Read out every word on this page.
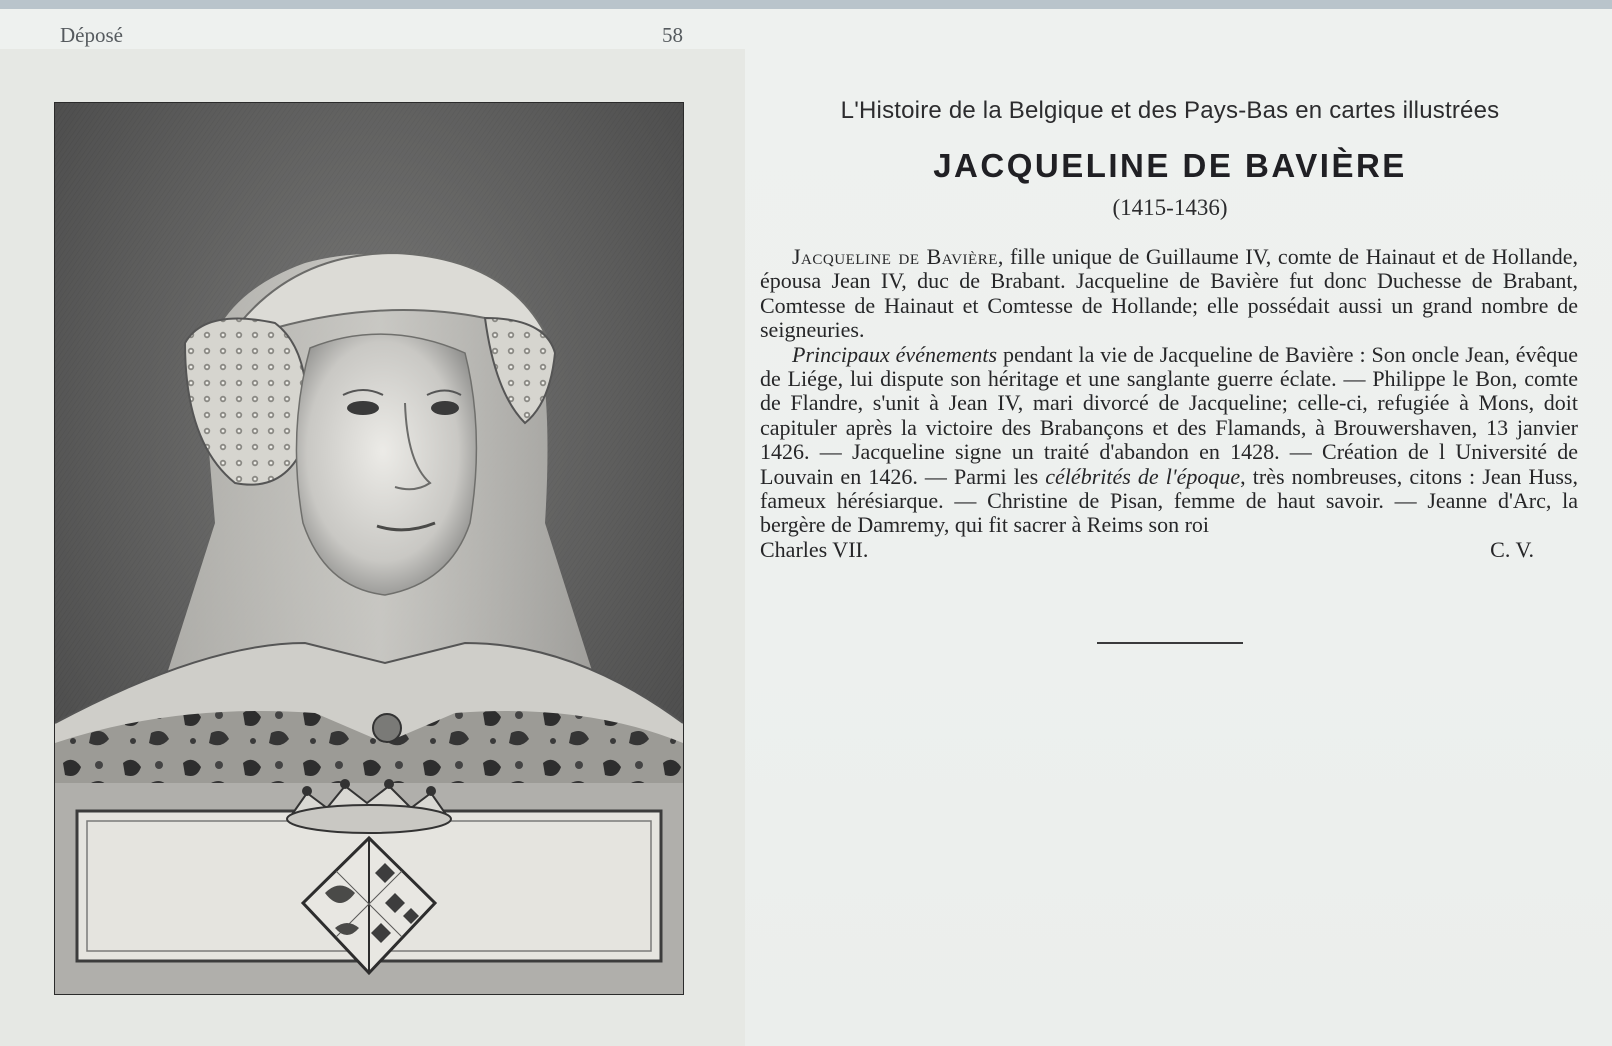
Déposé	58
L'Histoire de la Belgique et des Pays-Bas en cartes illustrées
JACQUELINE DE BAVIÈRE
(1415-1436)

Jacqueline de Bavière, fille unique de Guillaume IV, comte de Hainaut et de Hollande, épousa Jean IV, duc de Brabant. Jacqueline de Bavière fut donc Duchesse de Brabant, Comtesse de Hainaut et Comtesse de Hollande; elle possédait aussi un grand nombre de seigneuries.

Principaux événements pendant la vie de Jacqueline de Bavière : Son oncle Jean, évêque de Liége, lui dispute son héritage et une sanglante guerre éclate. — Philippe le Bon, comte de Flandre, s'unit à Jean IV, mari divorcé de Jacqueline; celle-ci, refugiée à Mons, doit capituler après la victoire des Brabançons et des Flamands, à Brouwershaven, 13 janvier 1426. — Jacqueline signe un traité d'abandon en 1428. — Création de l Université de Louvain en 1426. — Parmi les célébrités de l'époque, très nombreuses, citons : Jean Huss, fameux hérésiarque. — Christine de Pisan, femme de haut savoir. — Jeanne d'Arc, la bergère de Damremy, qui fit sacrer à Reims son roi

Charles VII.	C. V.
